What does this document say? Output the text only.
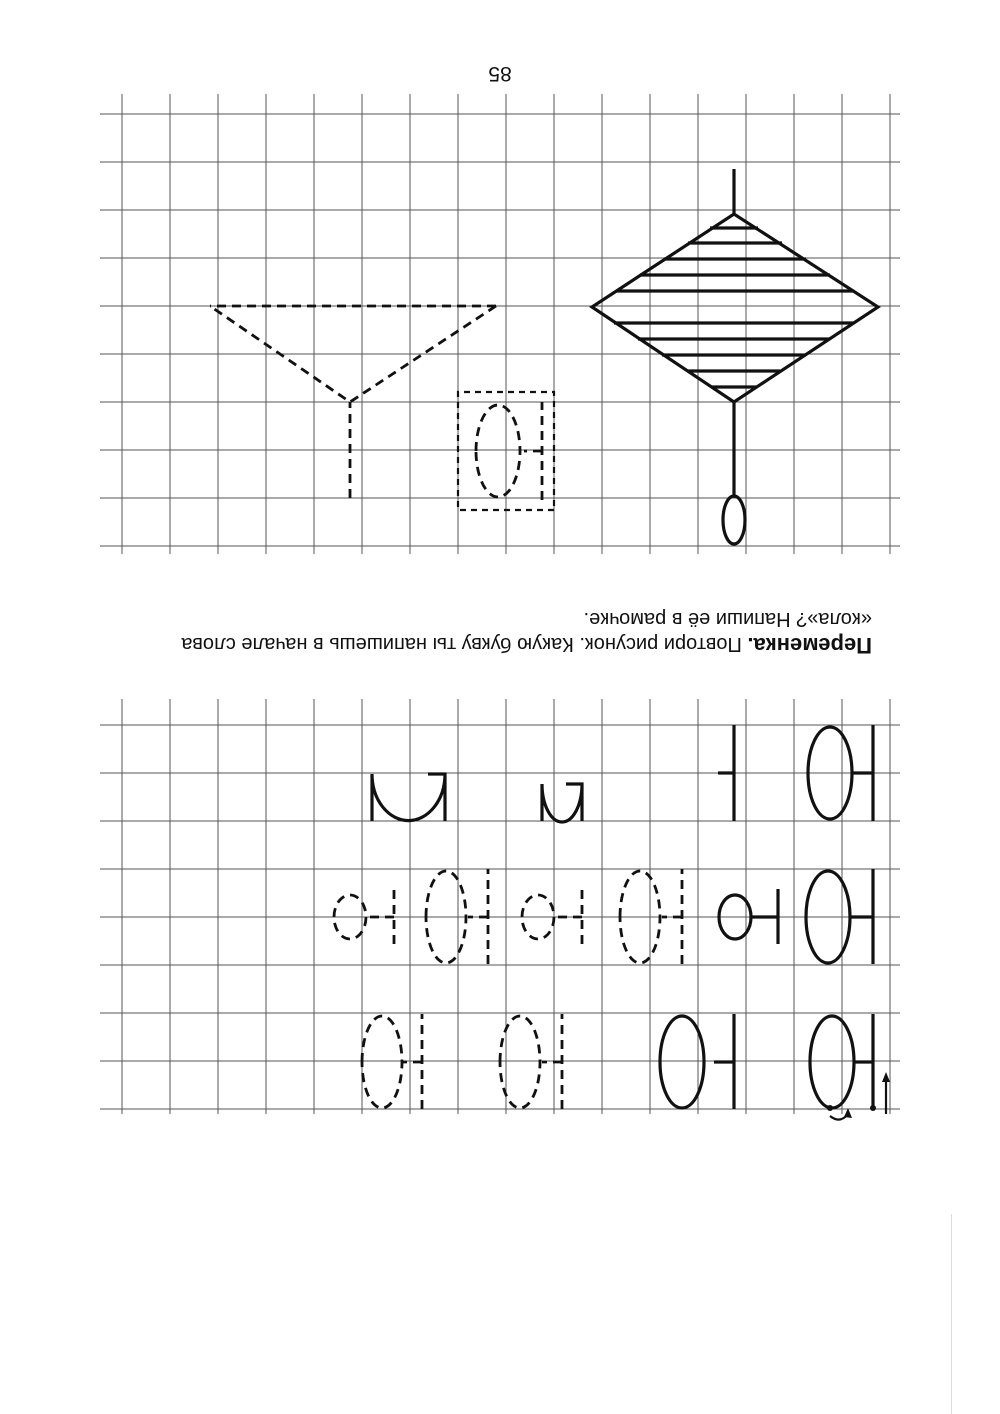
Переменка. Повтори рисунок. Какую букву ты напишешь в начале слова «кола»? Напиши её в рамочке.
85
